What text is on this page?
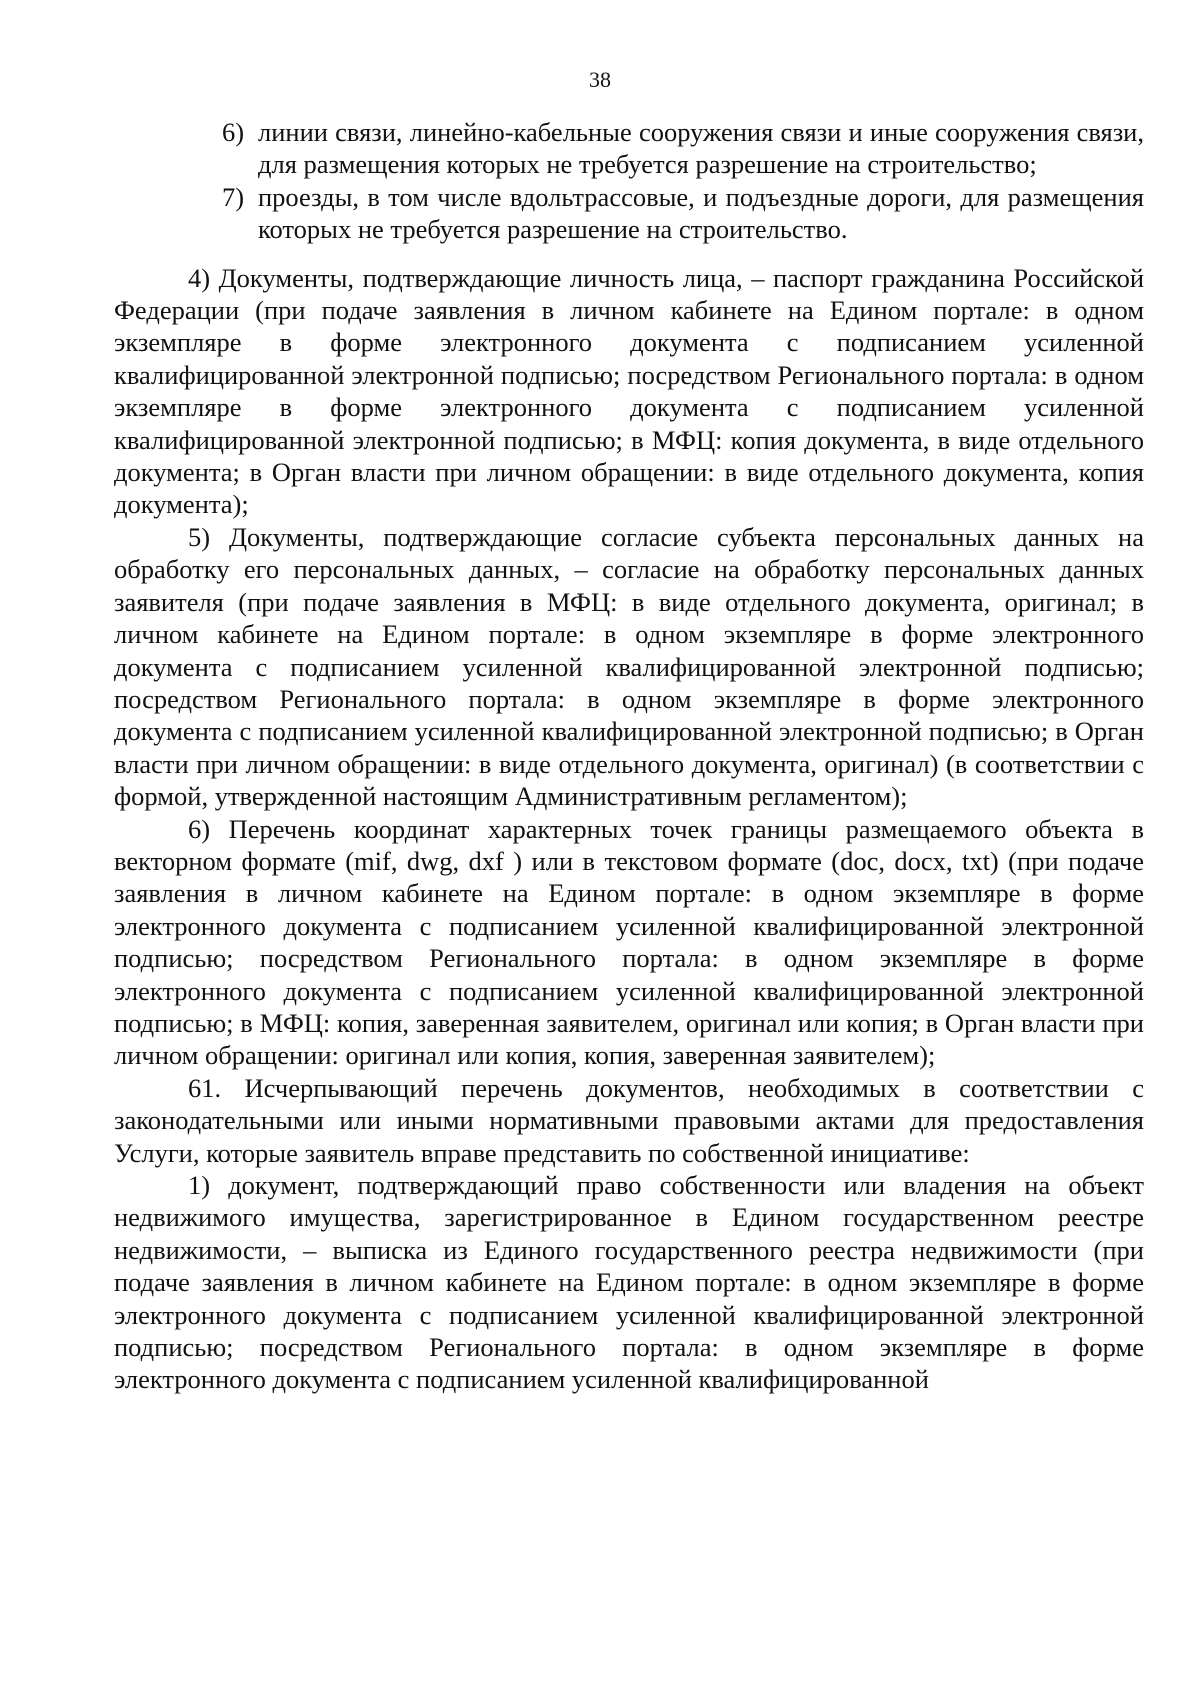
38

6) линии связи, линейно-кабельные сооружения связи и иные сооружения связи, для размещения которых не требуется разрешение на строительство;

7) проезды, в том числе вдольтрассовые, и подъездные дороги, для размещения которых не требуется разрешение на строительство.

4) Документы, подтверждающие личность лица, – паспорт гражданина Российской Федерации (при подаче заявления в личном кабинете на Едином портале: в одном экземпляре в форме электронного документа с подписанием усиленной квалифицированной электронной подписью; посредством Регионального портала: в одном экземпляре в форме электронного документа с подписанием усиленной квалифицированной электронной подписью; в МФЦ: копия документа, в виде отдельного документа; в Орган власти при личном обращении: в виде отдельного документа, копия документа);

5) Документы, подтверждающие согласие субъекта персональных данных на обработку его персональных данных, – согласие на обработку персональных данных заявителя (при подаче заявления в МФЦ: в виде отдельного документа, оригинал; в личном кабинете на Едином портале: в одном экземпляре в форме электронного документа с подписанием усиленной квалифицированной электронной подписью; посредством Регионального портала: в одном экземпляре в форме электронного документа с подписанием усиленной квалифицированной электронной подписью; в Орган власти при личном обращении: в виде отдельного документа, оригинал) (в соответствии с формой, утвержденной настоящим Административным регламентом);

6) Перечень координат характерных точек границы размещаемого объекта в векторном формате (mif, dwg, dxf ) или в текстовом формате (doc, docx, txt) (при подаче заявления в личном кабинете на Едином портале: в одном экземпляре в форме электронного документа с подписанием усиленной квалифицированной электронной подписью; посредством Регионального портала: в одном экземпляре в форме электронного документа с подписанием усиленной квалифицированной электронной подписью; в МФЦ: копия, заверенная заявителем, оригинал или копия; в Орган власти при личном обращении: оригинал или копия, копия, заверенная заявителем);

61. Исчерпывающий перечень документов, необходимых в соответствии с законодательными или иными нормативными правовыми актами для предоставления Услуги, которые заявитель вправе представить по собственной инициативе:

1) документ, подтверждающий право собственности или владения на объект недвижимого имущества, зарегистрированное в Едином государственном реестре недвижимости, – выписка из Единого государственного реестра недвижимости (при подаче заявления в личном кабинете на Едином портале: в одном экземпляре в форме электронного документа с подписанием усиленной квалифицированной электронной подписью; посредством Регионального портала: в одном экземпляре в форме электронного документа с подписанием усиленной квалифицированной
